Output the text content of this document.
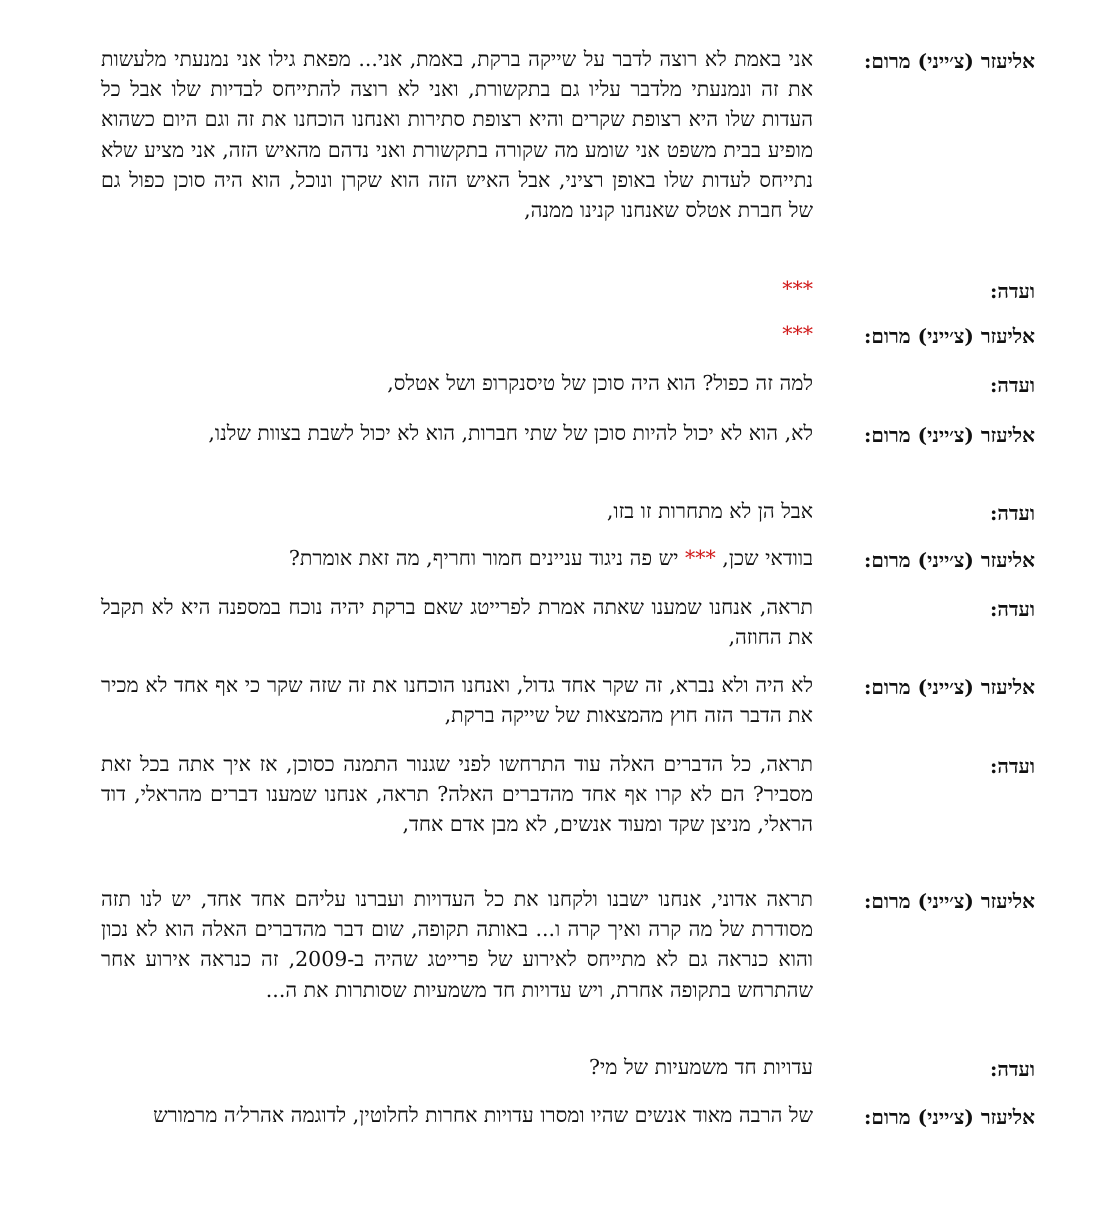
אליעזר (צ׳ייני) מרום:
אני באמת לא רוצה לדבר על שייקה ברקת, באמת, אני... מפאת גילו אני נמנעתי מלעשות את זה ונמנעתי מלדבר עליו גם בתקשורת, ואני לא רוצה להתייחס לבדיות שלו אבל כל העדות שלו היא רצופת שקרים והיא רצופת סתירות ואנחנו הוכחנו את זה וגם היום כשהוא מופיע בבית משפט אני שומע מה שקורה בתקשורת ואני נדהם מהאיש הזה, אני מציע שלא נתייחס לעדות שלו באופן רציני, אבל האיש הזה הוא שקרן ונוכל, הוא היה סוכן כפול גם של חברת אטלס שאנחנו קנינו ממנה,
ועדה:
***
אליעזר (צ׳ייני) מרום:
***
ועדה:
למה זה כפול? הוא היה סוכן של טיסנקרופ ושל אטלס,
אליעזר (צ׳ייני) מרום:
לא, הוא לא יכול להיות סוכן של שתי חברות, הוא לא יכול לשבת בצוות שלנו,
ועדה:
אבל הן לא מתחרות זו בזו,
אליעזר (צ׳ייני) מרום:
בוודאי שכן, *** יש פה ניגוד עניינים חמור וחריף, מה זאת אומרת?
ועדה:
תראה, אנחנו שמענו שאתה אמרת לפרייטג שאם ברקת יהיה נוכח במספנה היא לא תקבל את החוזה,
אליעזר (צ׳ייני) מרום:
לא היה ולא נברא, זה שקר אחד גדול, ואנחנו הוכחנו את זה שזה שקר כי אף אחד לא מכיר את הדבר הזה חוץ מהמצאות של שייקה ברקת,
ועדה:
תראה, כל הדברים האלה עוד התרחשו לפני שגנור התמנה כסוכן, אז איך אתה בכל זאת מסביר? הם לא קרו אף אחד מהדברים האלה? תראה, אנחנו שמענו דברים מהראלי, דוד הראלי, מניצן שקד ומעוד אנשים, לא מבן אדם אחד,
אליעזר (צ׳ייני) מרום:
תראה אדוני, אנחנו ישבנו ולקחנו את כל העדויות ועברנו עליהם אחד אחד, יש לנו תזה מסודרת של מה קרה ואיך קרה ו... באותה תקופה, שום דבר מהדברים האלה הוא לא נכון והוא כנראה גם לא מתייחס לאירוע של פרייטג שהיה ב-2009, זה כנראה אירוע אחר שהתרחש בתקופה אחרת, ויש עדויות חד משמעיות שסותרות את ה...
ועדה:
עדויות חד משמעיות של מי?
אליעזר (צ׳ייני) מרום:
של הרבה מאוד אנשים שהיו ומסרו עדויות אחרות לחלוטין, לדוגמה אהרל׳ה מרמורש
